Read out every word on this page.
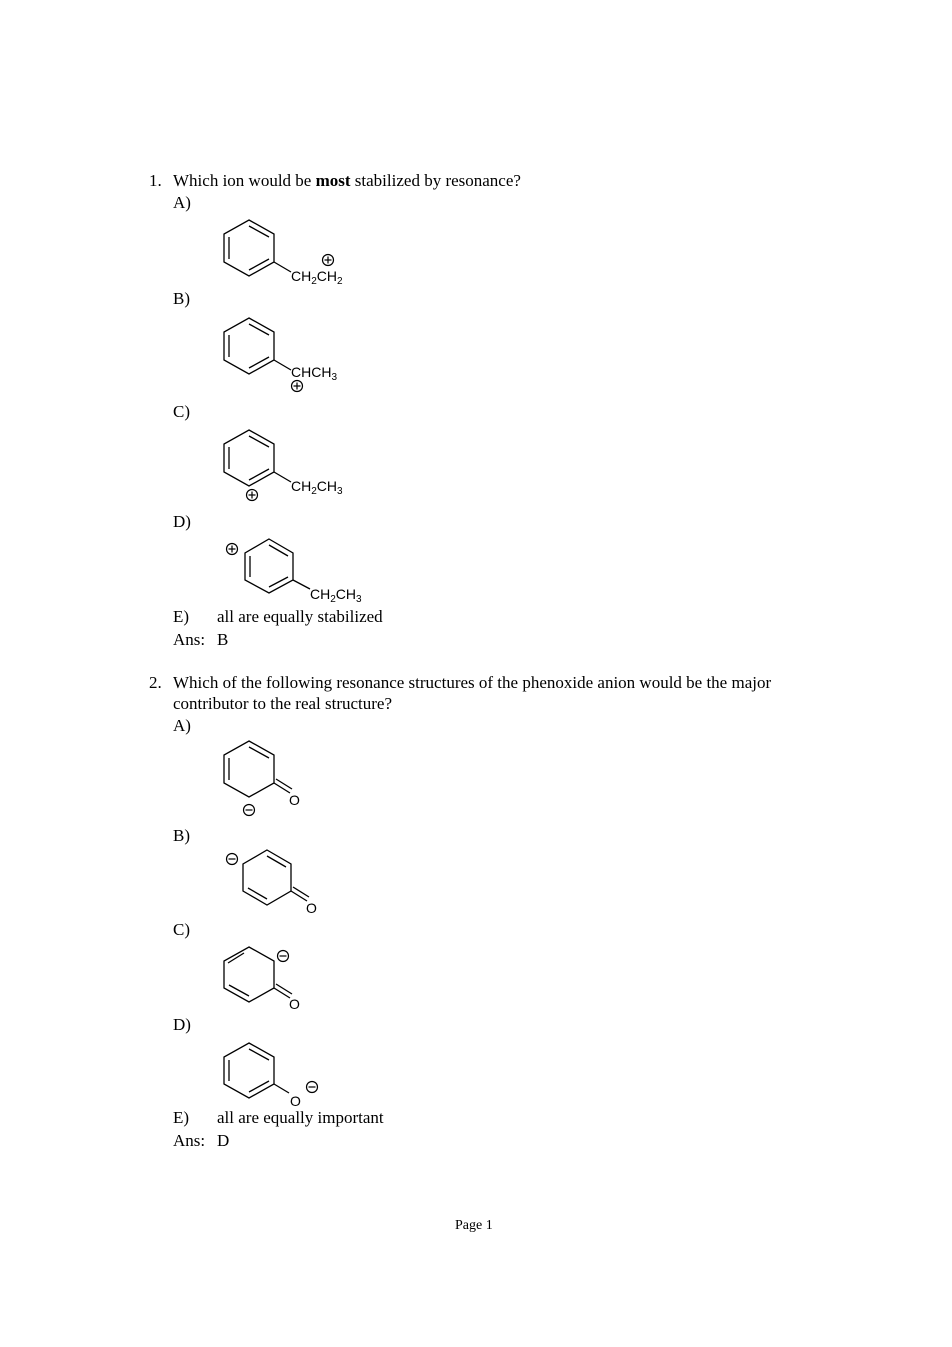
1. Which ion would be most stabilized by resonance?
A)
$CH_2CH_2$
B)
$CHCH_3$
C)
$CH_2CH_3$
D)
$CH_2CH_3$
E) all are equally stabilized
Ans: B
2. Which of the following resonance structures of the phenoxide anion would be the major
contributor to the real structure?
A)
O
B)
O
C)
O
D)
O
E) all are equally important
Ans: D
Page 1
